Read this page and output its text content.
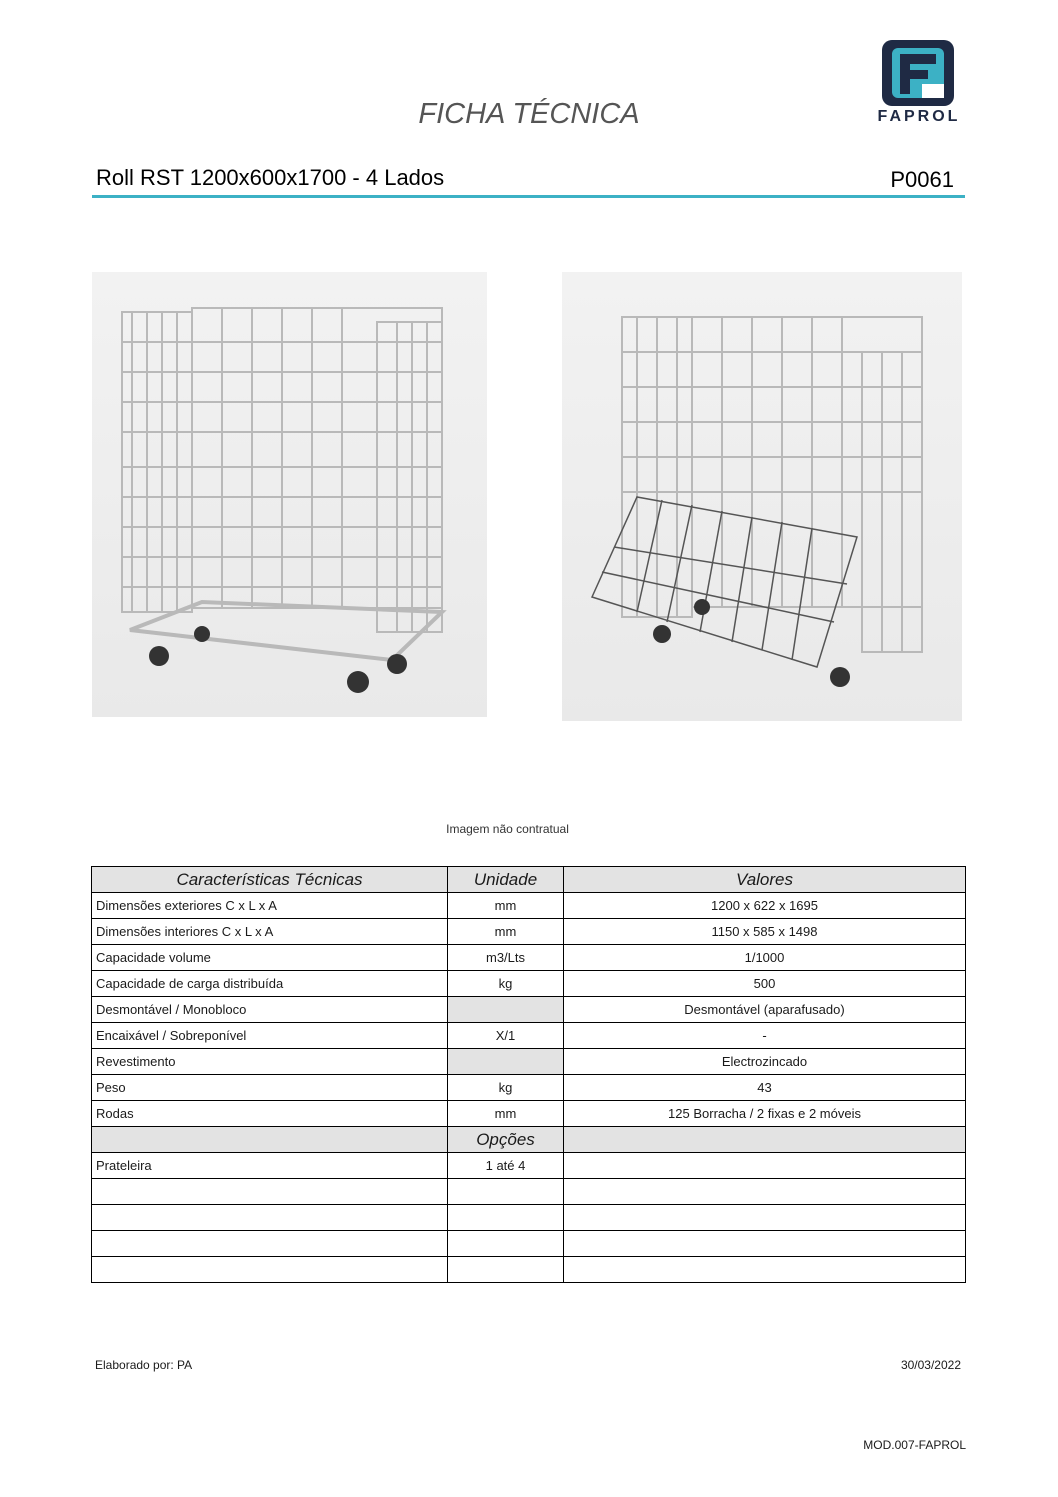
FICHA TÉCNICA	FAPROL
Roll RST 1200x600x1700 - 4 Lados	P0061
Imagem não contratual
Características Técnicas	Unidade	Valores
Dimensões exteriores C x L x A	mm	1200 x 622 x 1695
Dimensões interiores C x L x A	mm	1150 x 585 x 1498
Capacidade volume	m3/Lts	1/1000
Capacidade de carga distribuída	kg	500
Desmontável / Monobloco		Desmontável (aparafusado)
Encaixável / Sobreponível	X/1	-
Revestimento		Electrozincado
Peso	kg	43
Rodas	mm	125 Borracha / 2 fixas e 2 móveis
	Opções	
Prateleira	1 até 4	

Elaborado por: PA	30/03/2022
MOD.007-FAPROL
